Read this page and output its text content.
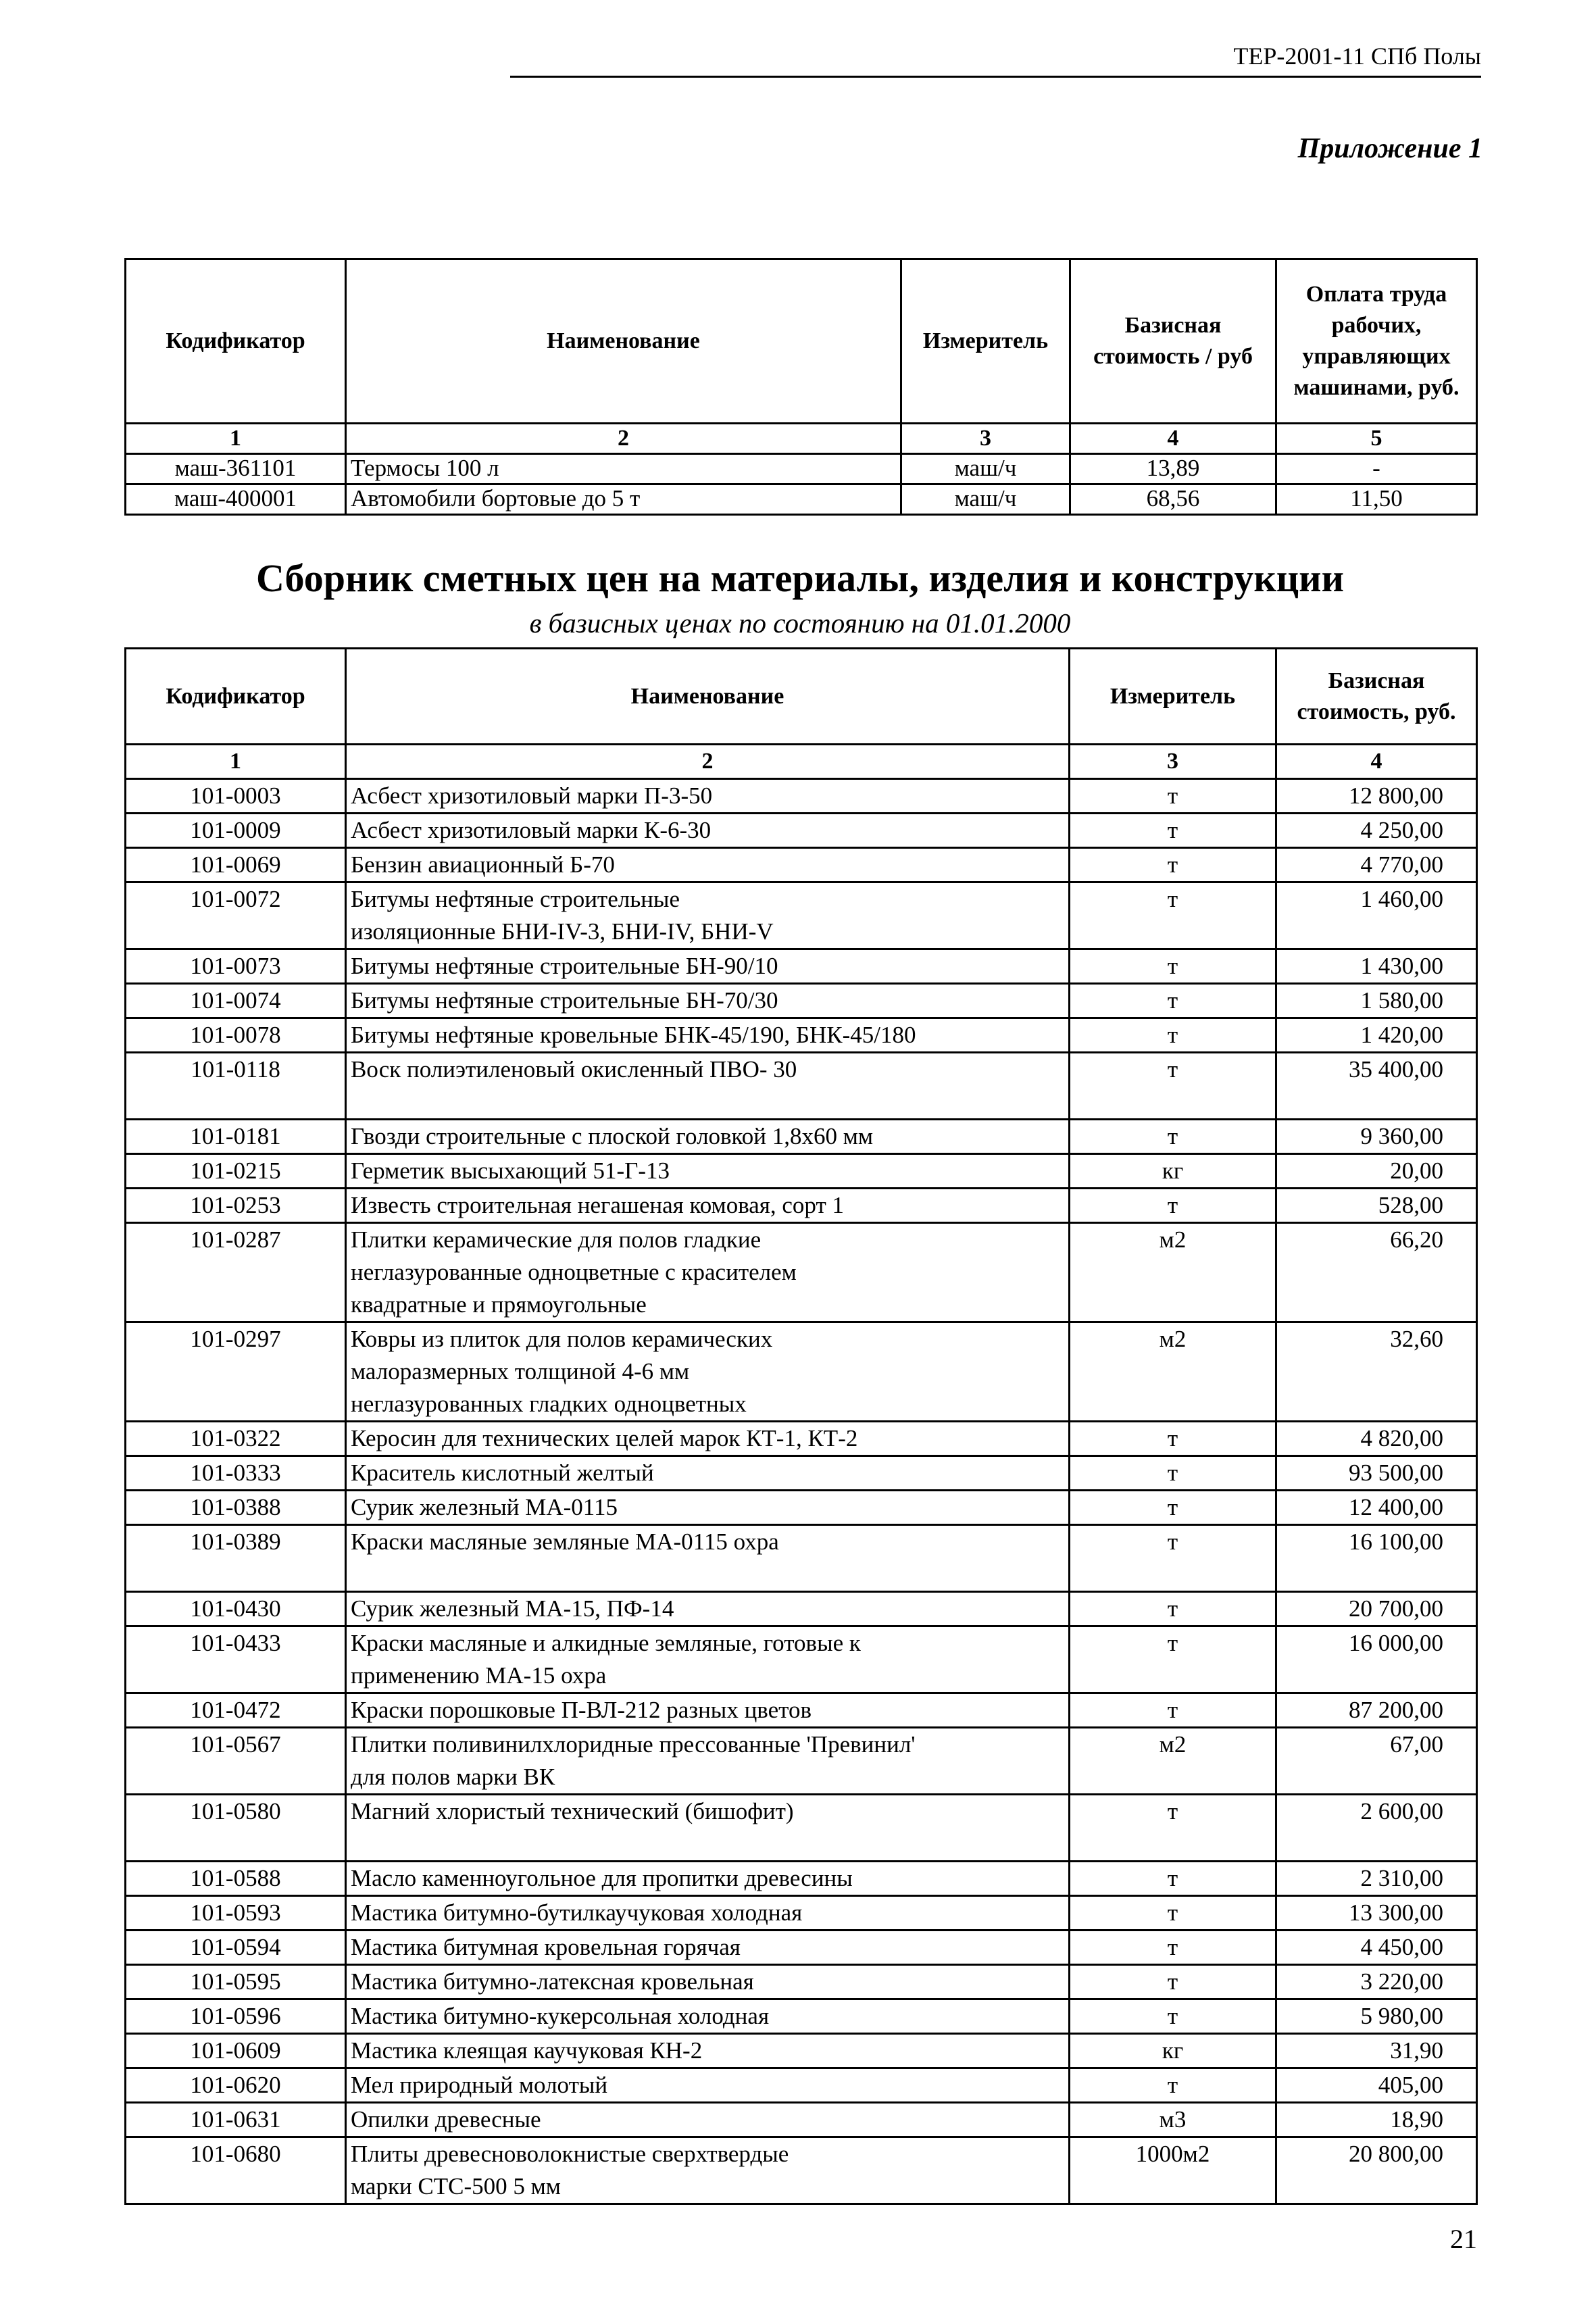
ТЕР-2001-11 СПб Полы
Приложение 1
Кодификатор	Наименование	Измеритель	Базисная стоимость / руб	Оплата труда рабочих, управляющих машинами, руб.
1	2	3	4	5
маш-361101	Термосы 100 л	маш/ч	13,89	-
маш-400001	Автомобили бортовые до 5 т	маш/ч	68,56	11,50
Сборник сметных цен на материалы, изделия и конструкции
в базисных ценах по состоянию на 01.01.2000
Кодификатор	Наименование	Измеритель	Базисная стоимость, руб.
1	2	3	4
101-0003	Асбест хризотиловый марки П-3-50	т	12 800,00
101-0009	Асбест хризотиловый марки К-6-30	т	4 250,00
101-0069	Бензин авиационный Б-70	т	4 770,00
101-0072	Битумы нефтяные строительные
изоляционные БНИ-IV-3, БНИ-IV, БНИ-V	т	1 460,00
101-0073	Битумы нефтяные строительные БН-90/10	т	1 430,00
101-0074	Битумы нефтяные строительные БН-70/30	т	1 580,00
101-0078	Битумы нефтяные кровельные БНК-45/190, БНК-45/180	т	1 420,00
101-0118	Воск полиэтиленовый окисленный ПВО- 30	т	35 400,00
101-0181	Гвозди строительные с плоской головкой 1,8x60 мм	т	9 360,00
101-0215	Герметик высыхающий 51-Г-13	кг	20,00
101-0253	Известь строительная негашеная комовая, сорт 1	т	528,00
101-0287	Плитки керамические для полов гладкие
неглазурованные одноцветные с красителем
квадратные и прямоугольные	м2	66,20
101-0297	Ковры из плиток для полов керамических
малоразмерных толщиной 4-6 мм
неглазурованных гладких одноцветных	м2	32,60
101-0322	Керосин для технических целей марок КТ-1, КТ-2	т	4 820,00
101-0333	Краситель кислотный желтый	т	93 500,00
101-0388	Сурик железный МА-0115	т	12 400,00
101-0389	Краски масляные земляные МА-0115 охра	т	16 100,00
101-0430	Сурик железный МА-15, ПФ-14	т	20 700,00
101-0433	Краски масляные и алкидные земляные, готовые к
применению МА-15 охра	т	16 000,00
101-0472	Краски порошковые П-ВЛ-212 разных цветов	т	87 200,00
101-0567	Плитки поливинилхлоридные прессованные 'Превинил'
для полов марки ВК	м2	67,00
101-0580	Магний хлористый технический (бишофит)	т	2 600,00
101-0588	Масло каменноугольное для пропитки древесины	т	2 310,00
101-0593	Мастика битумно-бутилкаучуковая холодная	т	13 300,00
101-0594	Мастика битумная кровельная горячая	т	4 450,00
101-0595	Мастика битумно-латексная кровельная	т	3 220,00
101-0596	Мастика битумно-кукерсольная холодная	т	5 980,00
101-0609	Мастика клеящая каучуковая КН-2	кг	31,90
101-0620	Мел природный молотый	т	405,00
101-0631	Опилки древесные	м3	18,90
101-0680	Плиты древесноволокнистые сверхтвердые
марки СТС-500 5 мм	1000м2	20 800,00
21
